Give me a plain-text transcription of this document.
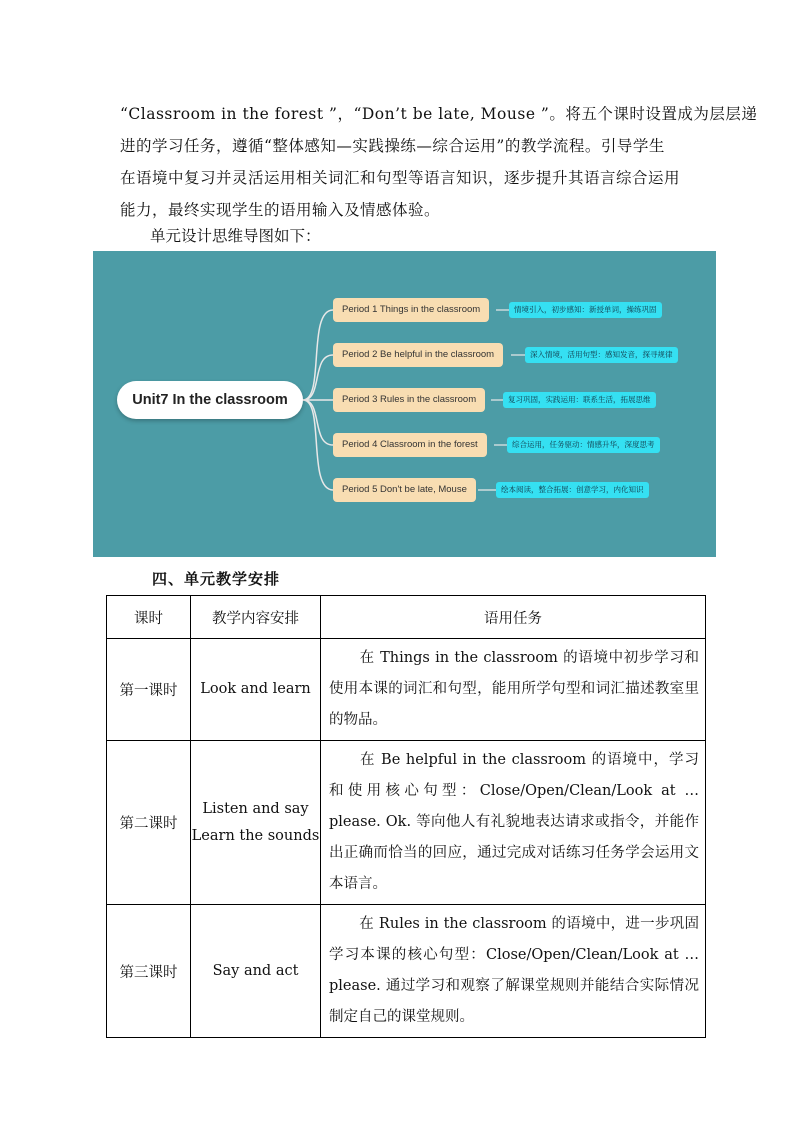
“Classroom in the forest ”，“Don’t be late, Mouse ”。将五个课时设置成为层层递
进的学习任务，遵循“整体感知—实践操练—综合运用”的教学流程。引导学生
在语境中复习并灵活运用相关词汇和句型等语言知识，逐步提升其语言综合运用
能力，最终实现学生的语用输入及情感体验。
单元设计思维导图如下：
Unit7 In the classroom
Period 1 Things in the classroom
Period 2 Be helpful in the classroom
Period 3 Rules in the classroom
Period 4 Classroom in the forest
Period 5 Don't be late, Mouse
情境引入，初步感知：新授单词，操练巩固
深入情境，活用句型：感知发音，探寻规律
复习巩固，实践运用：联系生活，拓展思维
综合运用，任务驱动：情感升华，深度思考
绘本阅读，整合拓展：创意学习，内化知识
四、单元教学安排
课时	教学内容安排	语用任务
第一课时	Look and learn	在 Things in the classroom 的语境中初步学习和使用本课的词汇和句型，能用所学句型和词汇描述教室里的物品。
第二课时	Listen and say
Learn the sounds	在 Be helpful in the classroom 的语境中，学习和使用核心句型：Close/Open/Clean/Look at … please. Ok. 等向他人有礼貌地表达请求或指令，并能作出正确而恰当的回应，通过完成对话练习任务学会运用文本语言。
第三课时	Say and act	在 Rules in the classroom 的语境中，进一步巩固学习本课的核心句型：Close/Open/Clean/Look at … please. 通过学习和观察了解课堂规则并能结合实际情况制定自己的课堂规则。
